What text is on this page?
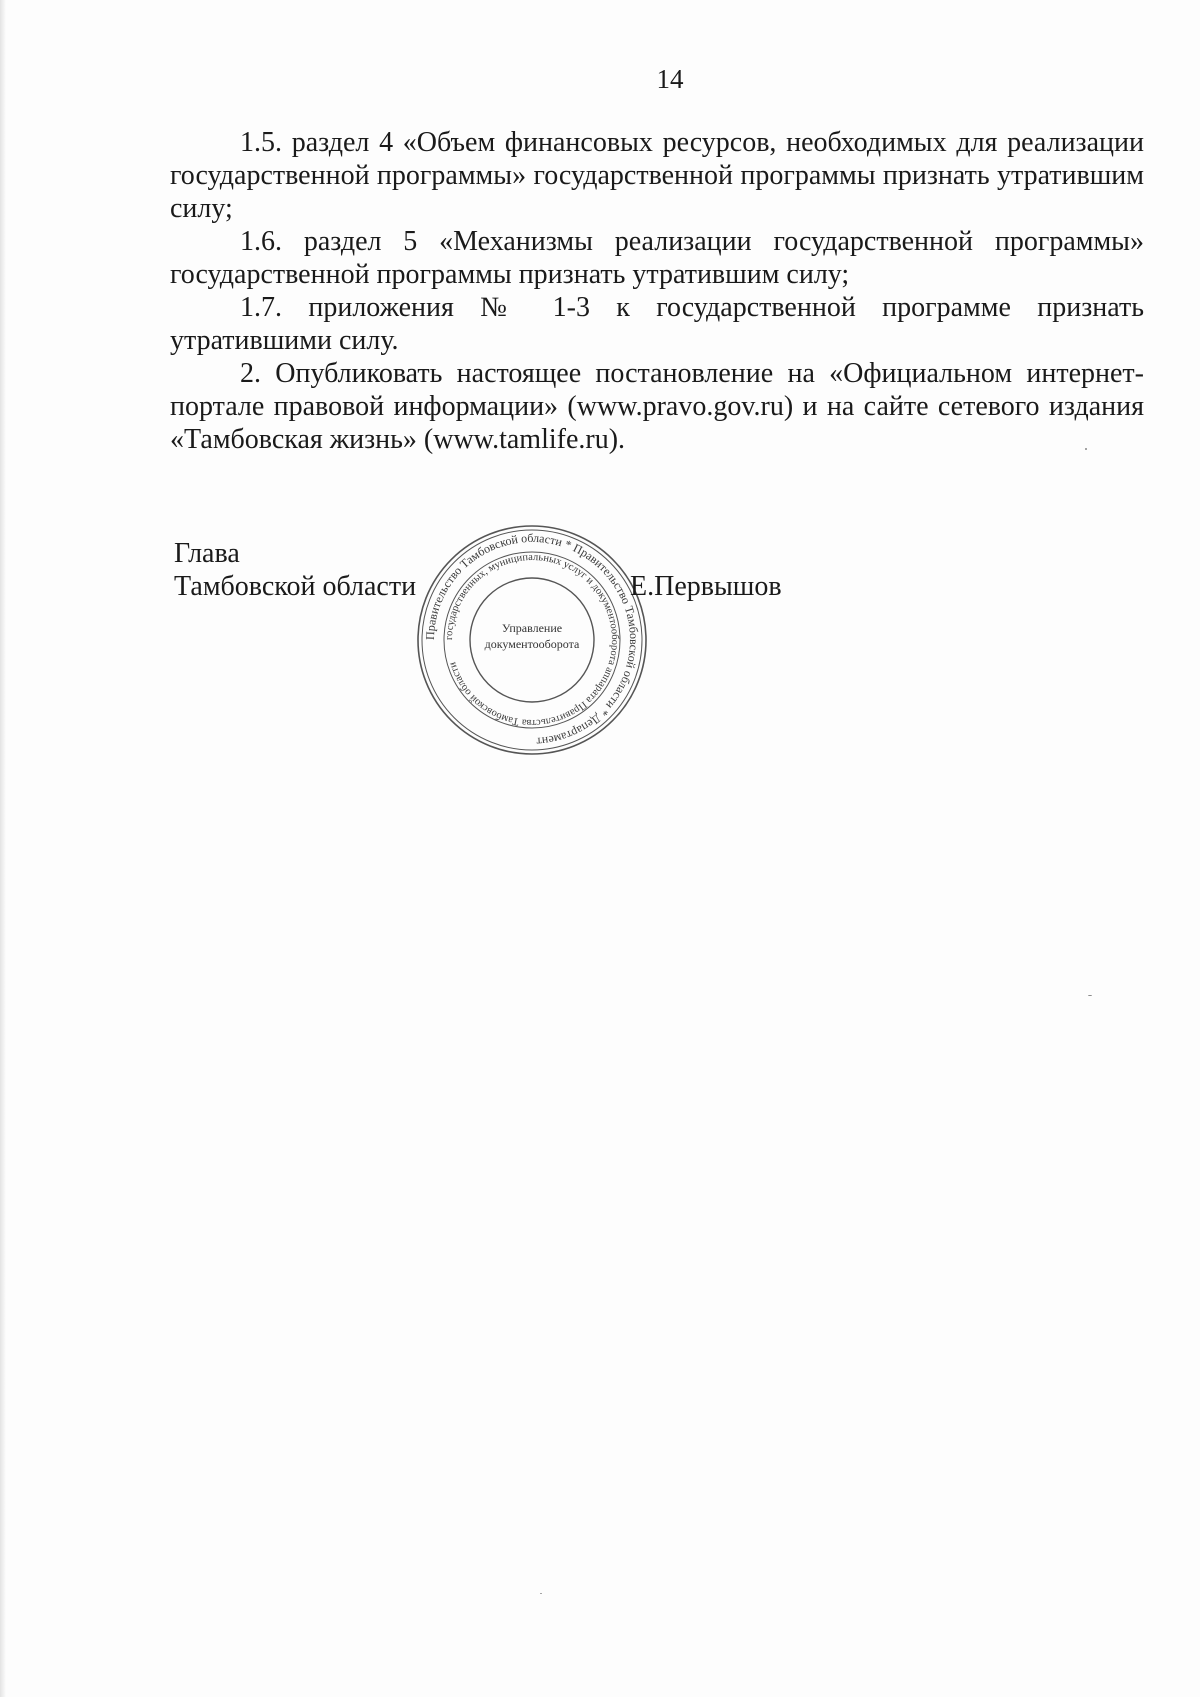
14

1.5. раздел 4 «Объем финансовых ресурсов, необходимых для реализации государственной программы» государственной программы признать утратившим силу;

1.6. раздел 5 «Механизмы реализации государственной программы» государственной программы признать утратившим силу;

1.7. приложения № 1-3 к государственной программе признать утратившими силу.

2. Опубликовать настоящее постановление на «Официальном интернет-портале правовой информации» (www.pravo.gov.ru) и на сайте сетевого издания «Тамбовская жизнь» (www.tamlife.ru).

Глава
Тамбовской области
Правительство Тамбовской области * Правительство Тамбовской области * Департамент
государственных, муниципальных услуг и документооборота аппарата Правительства Тамбовской области
Управление
документооборота
Е.Первышов
